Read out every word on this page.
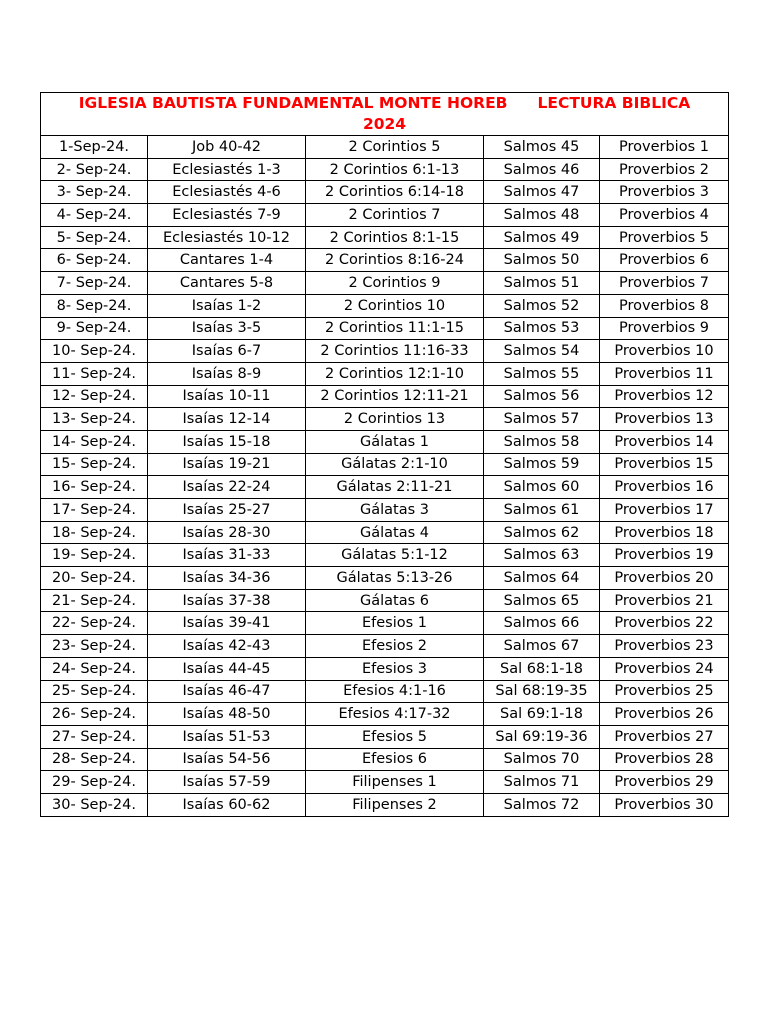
IGLESIA BAUTISTA FUNDAMENTAL MONTE HOREB LECTURA BIBLICA
2024				
1-Sep-24.	Job 40-42	2 Corintios 5	Salmos 45	Proverbios 1
2- Sep-24.	Eclesiastés 1-3	2 Corintios 6:1-13	Salmos 46	Proverbios 2
3- Sep-24.	Eclesiastés 4-6	2 Corintios 6:14-18	Salmos 47	Proverbios 3
4- Sep-24.	Eclesiastés 7-9	2 Corintios 7	Salmos 48	Proverbios 4
5- Sep-24.	Eclesiastés 10-12	2 Corintios 8:1-15	Salmos 49	Proverbios 5
6- Sep-24.	Cantares 1-4	2 Corintios 8:16-24	Salmos 50	Proverbios 6
7- Sep-24.	Cantares 5-8	2 Corintios 9	Salmos 51	Proverbios 7
8- Sep-24.	Isaías 1-2	2 Corintios 10	Salmos 52	Proverbios 8
9- Sep-24.	Isaías 3-5	2 Corintios 11:1-15	Salmos 53	Proverbios 9
10- Sep-24.	Isaías 6-7	2 Corintios 11:16-33	Salmos 54	Proverbios 10
11- Sep-24.	Isaías 8-9	2 Corintios 12:1-10	Salmos 55	Proverbios 11
12- Sep-24.	Isaías 10-11	2 Corintios 12:11-21	Salmos 56	Proverbios 12
13- Sep-24.	Isaías 12-14	2 Corintios 13	Salmos 57	Proverbios 13
14- Sep-24.	Isaías 15-18	Gálatas 1	Salmos 58	Proverbios 14
15- Sep-24.	Isaías 19-21	Gálatas 2:1-10	Salmos 59	Proverbios 15
16- Sep-24.	Isaías 22-24	Gálatas 2:11-21	Salmos 60	Proverbios 16
17- Sep-24.	Isaías 25-27	Gálatas 3	Salmos 61	Proverbios 17
18- Sep-24.	Isaías 28-30	Gálatas 4	Salmos 62	Proverbios 18
19- Sep-24.	Isaías 31-33	Gálatas 5:1-12	Salmos 63	Proverbios 19
20- Sep-24.	Isaías 34-36	Gálatas 5:13-26	Salmos 64	Proverbios 20
21- Sep-24.	Isaías 37-38	Gálatas 6	Salmos 65	Proverbios 21
22- Sep-24.	Isaías 39-41	Efesios 1	Salmos 66	Proverbios 22
23- Sep-24.	Isaías 42-43	Efesios 2	Salmos 67	Proverbios 23
24- Sep-24.	Isaías 44-45	Efesios 3	Sal 68:1-18	Proverbios 24
25- Sep-24.	Isaías 46-47	Efesios 4:1-16	Sal 68:19-35	Proverbios 25
26- Sep-24.	Isaías 48-50	Efesios 4:17-32	Sal 69:1-18	Proverbios 26
27- Sep-24.	Isaías 51-53	Efesios 5	Sal 69:19-36	Proverbios 27
28- Sep-24.	Isaías 54-56	Efesios 6	Salmos 70	Proverbios 28
29- Sep-24.	Isaías 57-59	Filipenses 1	Salmos 71	Proverbios 29
30- Sep-24.	Isaías 60-62	Filipenses 2	Salmos 72	Proverbios 30
